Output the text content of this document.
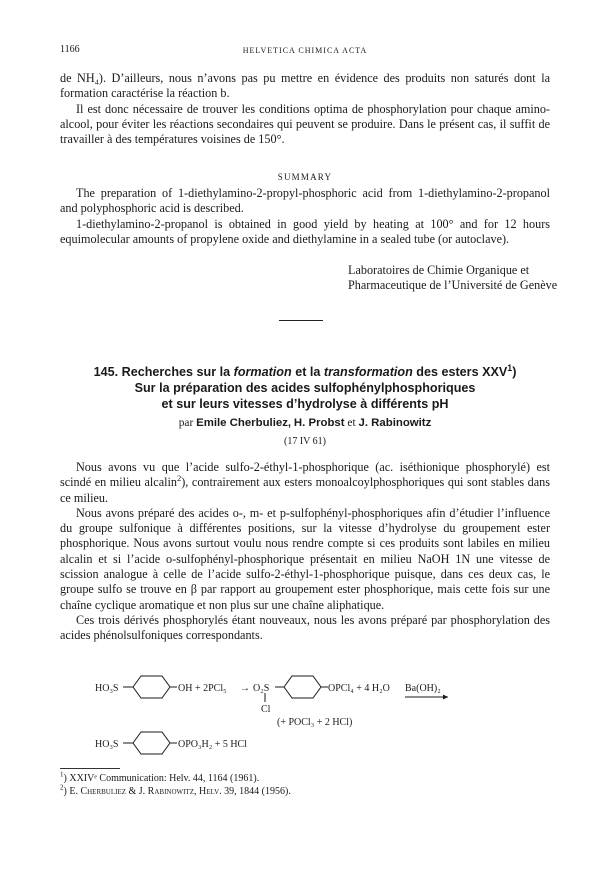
1166	HELVETICA CHIMICA ACTA

de NH₄). D’ailleurs, nous n’avons pas pu mettre en évidence des produits non saturés dont la formation caractérise la réaction b.

Il est donc nécessaire de trouver les conditions optima de phosphorylation pour chaque amino-alcool, pour éviter les réactions secondaires qui peuvent se produire. Dans le présent cas, il suffit de travailler à des températures voisines de 150°.

SUMMARY

The preparation of 1-diethylamino-2-propyl-phosphoric acid from 1-diethylamino-2-propanol and polyphosphoric acid is described.

1-diethylamino-2-propanol is obtained in good yield by heating at 100° and for 12 hours equimolecular amounts of propylene oxide and diethylamine in a sealed tube (or autoclave).

Laboratoires de Chimie Organique et
Pharmaceutique de l’Université de Genève
145. Recherches sur la formation et la transformation des esters XXV$^1$)
Sur la préparation des acides sulfophénylphosphoriques
et sur leurs vitesses d’hydrolyse à différents pH
par Emile Cherbuliez, H. Probst et J. Rabinowitz
(17 IV 61)

Nous avons vu que l’acide sulfo-2-éthyl-1-phosphorique (ac. iséthionique phosphorylé) est scindé en milieu alcalin$^2$), contrairement aux esters monoalcoylphosphoriques qui sont stables dans ce milieu.

Nous avons préparé des acides o-, m- et p-sulfophényl-phosphoriques afin d’étudier l’influence du groupe sulfonique à différentes positions, sur la vitesse d’hydrolyse du groupement ester phosphorique. Nous avons surtout voulu nous rendre compte si ces produits sont labiles en milieu alcalin et si l’acide o-sulfophényl-phosphorique présentait en milieu NaOH 1N une vitesse de scission analogue à celle de l’acide sulfo-2-éthyl-1-phosphorique puisque, dans ces deux cas, le groupe sulfo se trouve en β par rapport au groupement ester phosphorique, mais cette fois sur une chaîne cyclique aromatique et non plus sur une chaîne aliphatique.

Ces trois dérivés phosphorylés étant nouveaux, nous les avons préparé par phosphorylation des acides phénolsulfoniques correspondants.

HO₃S	OH + 2PCl₅ → O₂S	OPCl₄ + 4 H₂O Ba(OH)₂
Cl
(+ POCl₃ + 2 HCl)
HO₃S	OPO₃H₂ + 5 HCl
$^1$) XXIVᵉ Communication: Helv. 44, 1164 (1961).
$^2$) E. Cherbuliez & J. Rabinowitz, Helv. 39, 1844 (1956).
